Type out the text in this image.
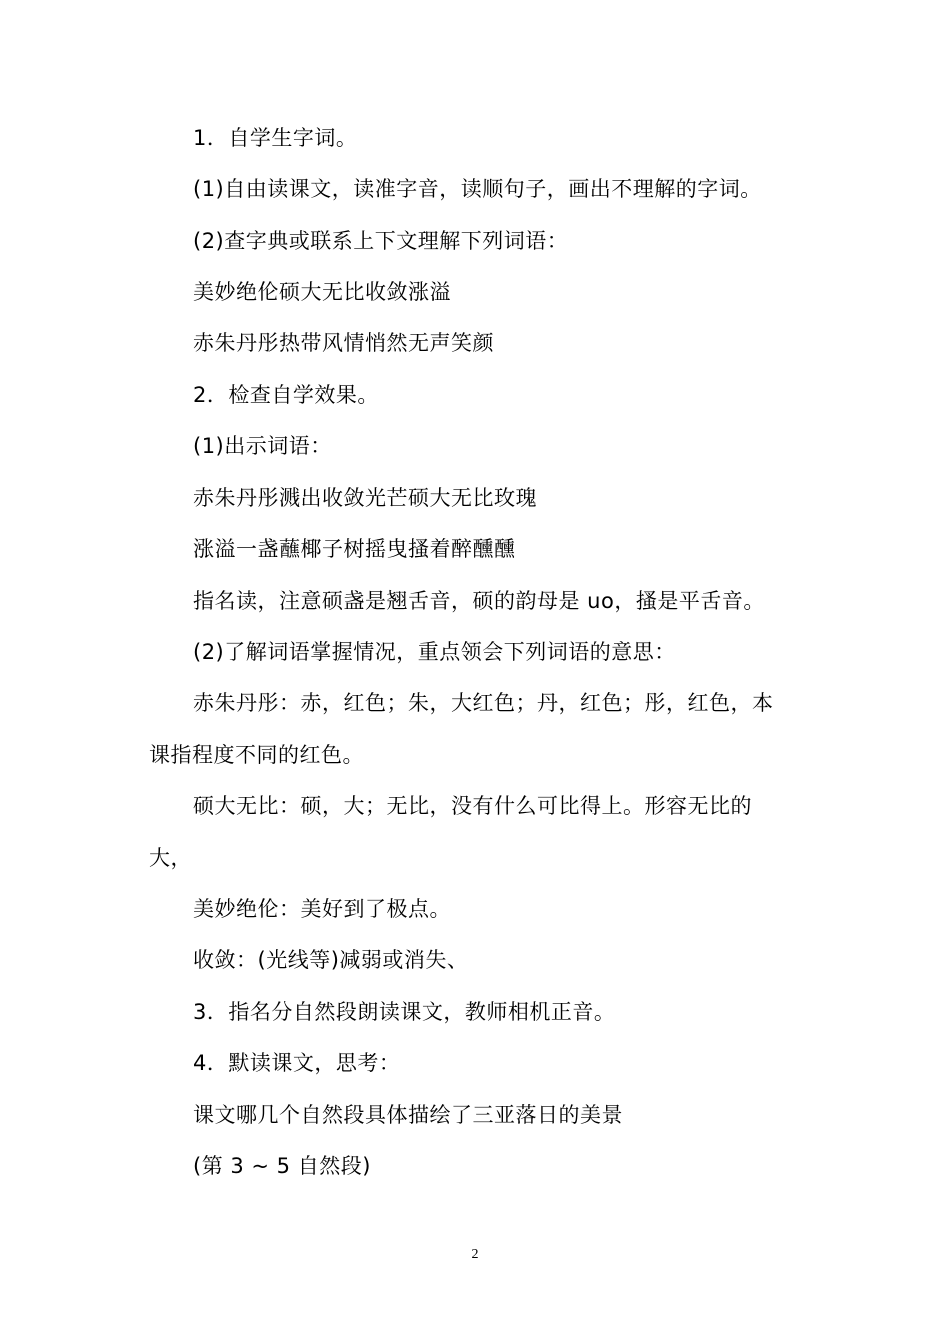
1．自学生字词。
(1)自由读课文，读准字音，读顺句子，画出不理解的字词。
(2)查字典或联系上下文理解下列词语：
美妙绝伦硕大无比收敛涨溢
赤朱丹彤热带风情悄然无声笑颜
2．检查自学效果。
(1)出示词语：
赤朱丹彤溅出收敛光芒硕大无比玫瑰
涨溢一盏蘸椰子树摇曳搔着醉醺醺
指名读，注意硕盏是翘舌音，硕的韵母是 uo，搔是平舌音。
(2)了解词语掌握情况，重点领会下列词语的意思：
赤朱丹彤：赤，红色；朱，大红色；丹，红色；彤，红色，本
课指程度不同的红色。
硕大无比：硕，大；无比，没有什么可比得上。形容无比的
大，
美妙绝伦：美好到了极点。
收敛：(光线等)减弱或消失、
3．指名分自然段朗读课文，教师相机正音。
4．默读课文，思考：
课文哪几个自然段具体描绘了三亚落日的美景
(第 3 ~ 5 自然段)
2
